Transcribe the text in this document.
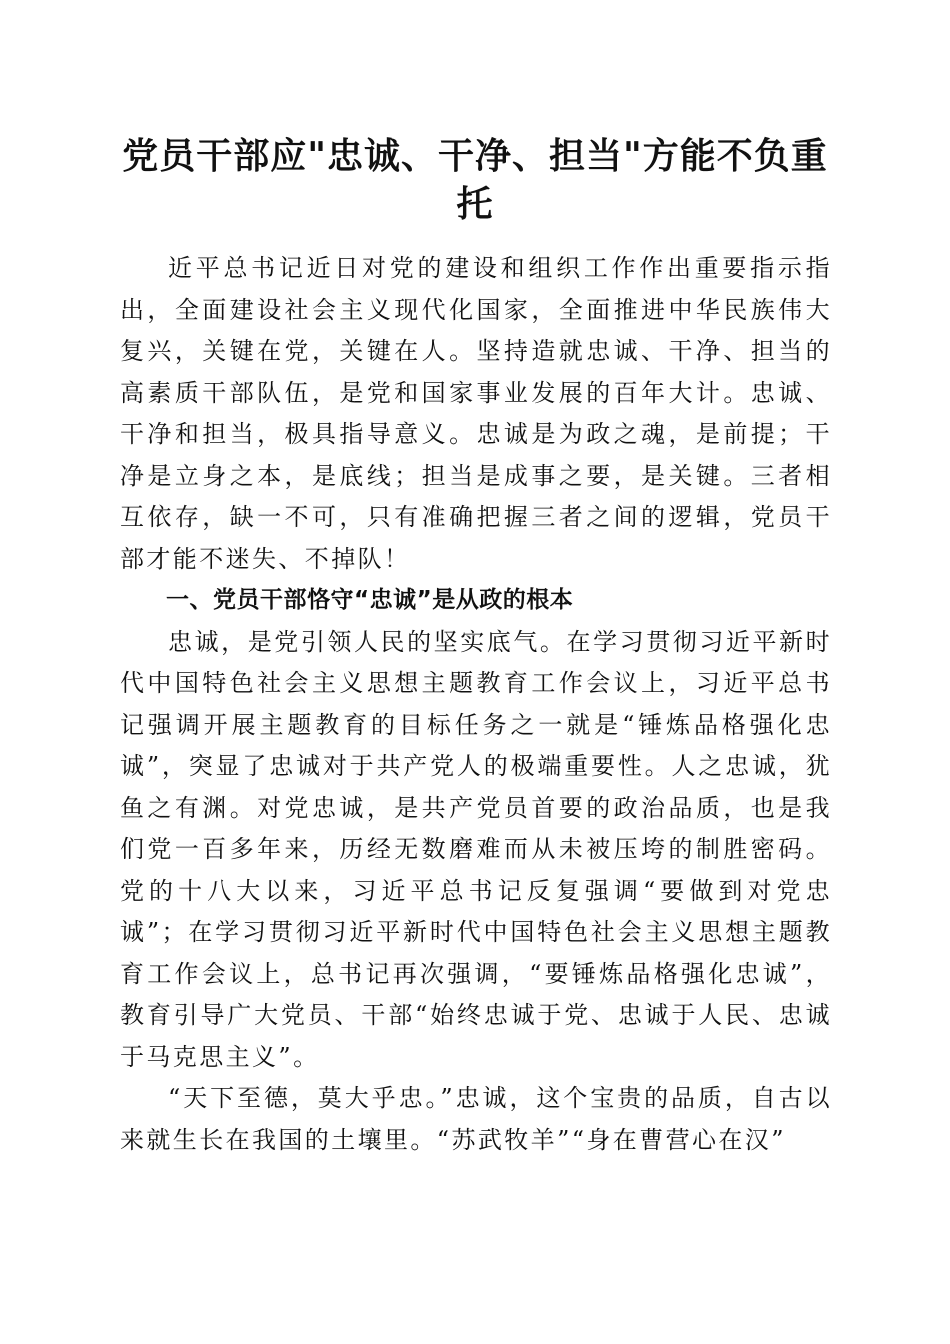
党员干部应"忠诚、干净、担当"方能不负重托

近平总书记近日对党的建设和组织工作作出重要指示指出，全面建设社会主义现代化国家，全面推进中华民族伟大复兴，关键在党，关键在人。坚持造就忠诚、干净、担当的高素质干部队伍，是党和国家事业发展的百年大计。忠诚、干净和担当，极具指导意义。忠诚是为政之魂，是前提；干净是立身之本，是底线；担当是成事之要，是关键。三者相互依存，缺一不可，只有准确把握三者之间的逻辑，党员干部才能不迷失、不掉队！

一、党员干部恪守“忠诚”是从政的根本

忠诚，是党引领人民的坚实底气。在学习贯彻习近平新时代中国特色社会主义思想主题教育工作会议上，习近平总书记强调开展主题教育的目标任务之一就是“锤炼品格强化忠诚”，突显了忠诚对于共产党人的极端重要性。人之忠诚，犹鱼之有渊。对党忠诚，是共产党员首要的政治品质，也是我们党一百多年来，历经无数磨难而从未被压垮的制胜密码。党的十八大以来，习近平总书记反复强调“要做到对党忠诚”；在学习贯彻习近平新时代中国特色社会主义思想主题教育工作会议上，总书记再次强调，“要锤炼品格强化忠诚”，教育引导广大党员、干部“始终忠诚于党、忠诚于人民、忠诚于马克思主义”。

“天下至德，莫大乎忠。”忠诚，这个宝贵的品质，自古以来就生长在我国的土壤里。“苏武牧羊”“身在曹营心在汉”
